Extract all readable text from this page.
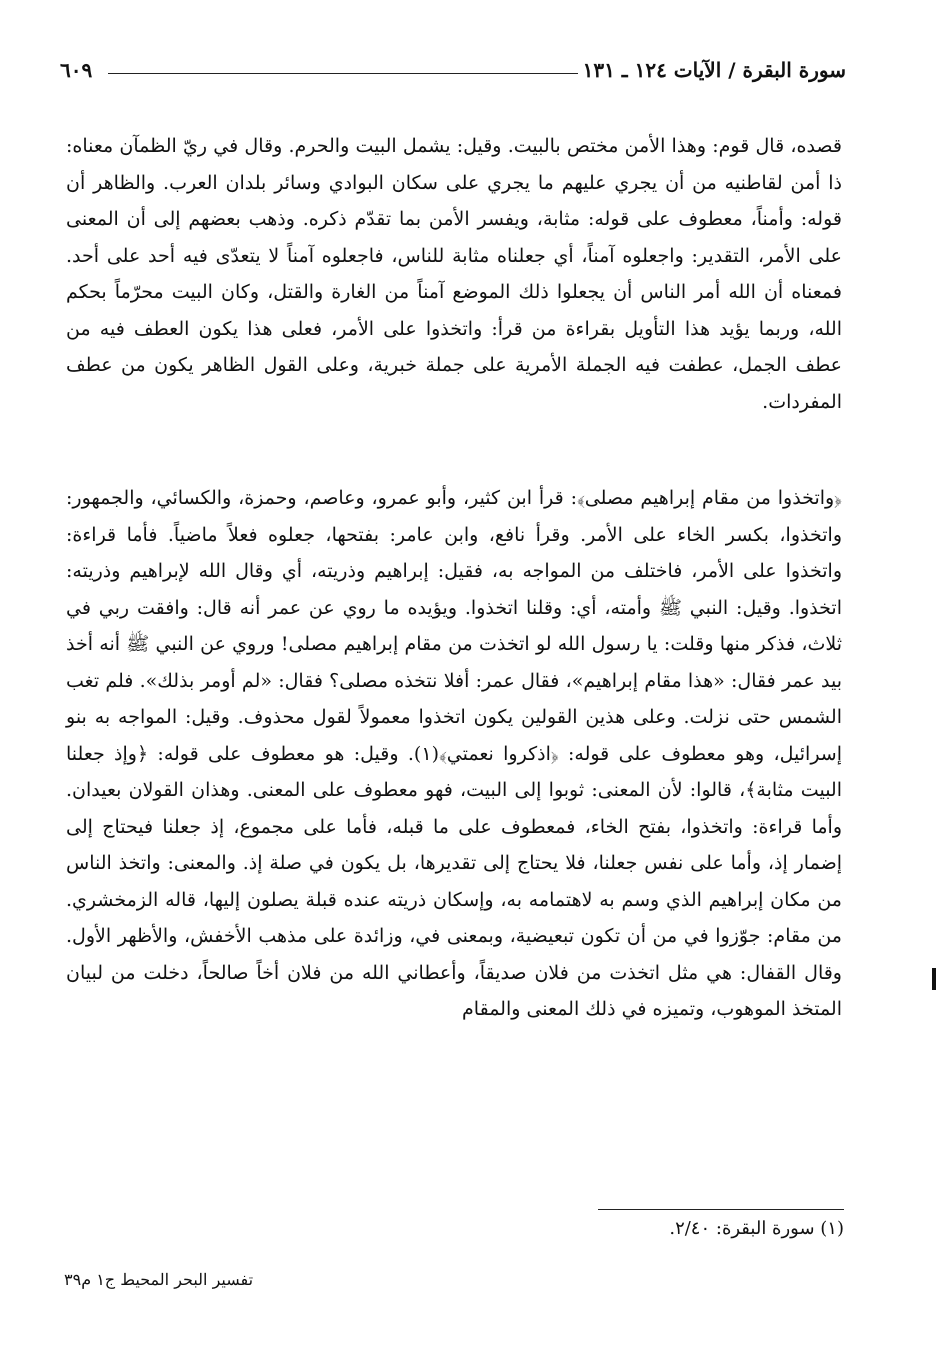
٦٠٩	سورة البقرة / الآيات ١٢٤ ـ ١٣١

قصده، قال قوم: وهذا الأمن مختص بالبيت. وقيل: يشمل البيت والحرم. وقال في ريّ الظمآن معناه: ذا أمن لقاطنيه من أن يجري عليهم ما يجري على سكان البوادي وسائر بلدان العرب. والظاهر أن قوله: وأمناً، معطوف على قوله: مثابة، ويفسر الأمن بما تقدّم ذكره. وذهب بعضهم إلى أن المعنى على الأمر، التقدير: واجعلوه آمناً، أي جعلناه مثابة للناس، فاجعلوه آمناً لا يتعدّى فيه أحد على أحد. فمعناه أن الله أمر الناس أن يجعلوا ذلك الموضع آمناً من الغارة والقتل، وكان البيت محرّماً بحكم الله، وربما يؤيد هذا التأويل بقراءة من قرأ: واتخذوا على الأمر، فعلى هذا يكون العطف فيه من عطف الجمل، عطفت فيه الجملة الأمرية على جملة خبرية، وعلى القول الظاهر يكون من عطف المفردات.

﴿واتخذوا من مقام إبراهيم مصلى﴾: قرأ ابن كثير، وأبو عمرو، وعاصم، وحمزة، والكسائي، والجمهور: واتخذوا، بكسر الخاء على الأمر. وقرأ نافع، وابن عامر: بفتحها، جعلوه فعلاً ماضياً. فأما قراءة: واتخذوا على الأمر، فاختلف من المواجه به، فقيل: إبراهيم وذريته، أي وقال الله لإبراهيم وذريته: اتخذوا. وقيل: النبي ﷺ وأمته، أي: وقلنا اتخذوا. ويؤيده ما روي عن عمر أنه قال: وافقت ربي في ثلاث، فذكر منها وقلت: يا رسول الله لو اتخذت من مقام إبراهيم مصلى! وروي عن النبي ﷺ أنه أخذ بيد عمر فقال: «هذا مقام إبراهيم»، فقال عمر: أفلا نتخذه مصلى؟ فقال: «لم أومر بذلك». فلم تغب الشمس حتى نزلت. وعلى هذين القولين يكون اتخذوا معمولاً لقول محذوف. وقيل: المواجه به بنو إسرائيل، وهو معطوف على قوله: ﴿اذكروا نعمتي﴾(١). وقيل: هو معطوف على قوله: ﴿وإذ جعلنا البيت مثابة﴾، قالوا: لأن المعنى: ثوبوا إلى البيت، فهو معطوف على المعنى. وهذان القولان بعيدان. وأما قراءة: واتخذوا، بفتح الخاء، فمعطوف على ما قبله، فأما على مجموع، إذ جعلنا فيحتاج إلى إضمار إذ، وأما على نفس جعلنا، فلا يحتاج إلى تقديرها، بل يكون في صلة إذ. والمعنى: واتخذ الناس من مكان إبراهيم الذي وسم به لاهتمامه به، وإسكان ذريته عنده قبلة يصلون إليها، قاله الزمخشري. من مقام: جوّزوا في من أن تكون تبعيضية، وبمعنى في، وزائدة على مذهب الأخفش، والأظهر الأول. وقال القفال: هي مثل اتخذت من فلان صديقاً، وأعطاني الله من فلان أخاً صالحاً، دخلت من لبيان المتخذ الموهوب، وتميزه في ذلك المعنى والمقام

(١) سورة البقرة: ٢/٤٠.
تفسير البحر المحيط ج١ م٣٩
